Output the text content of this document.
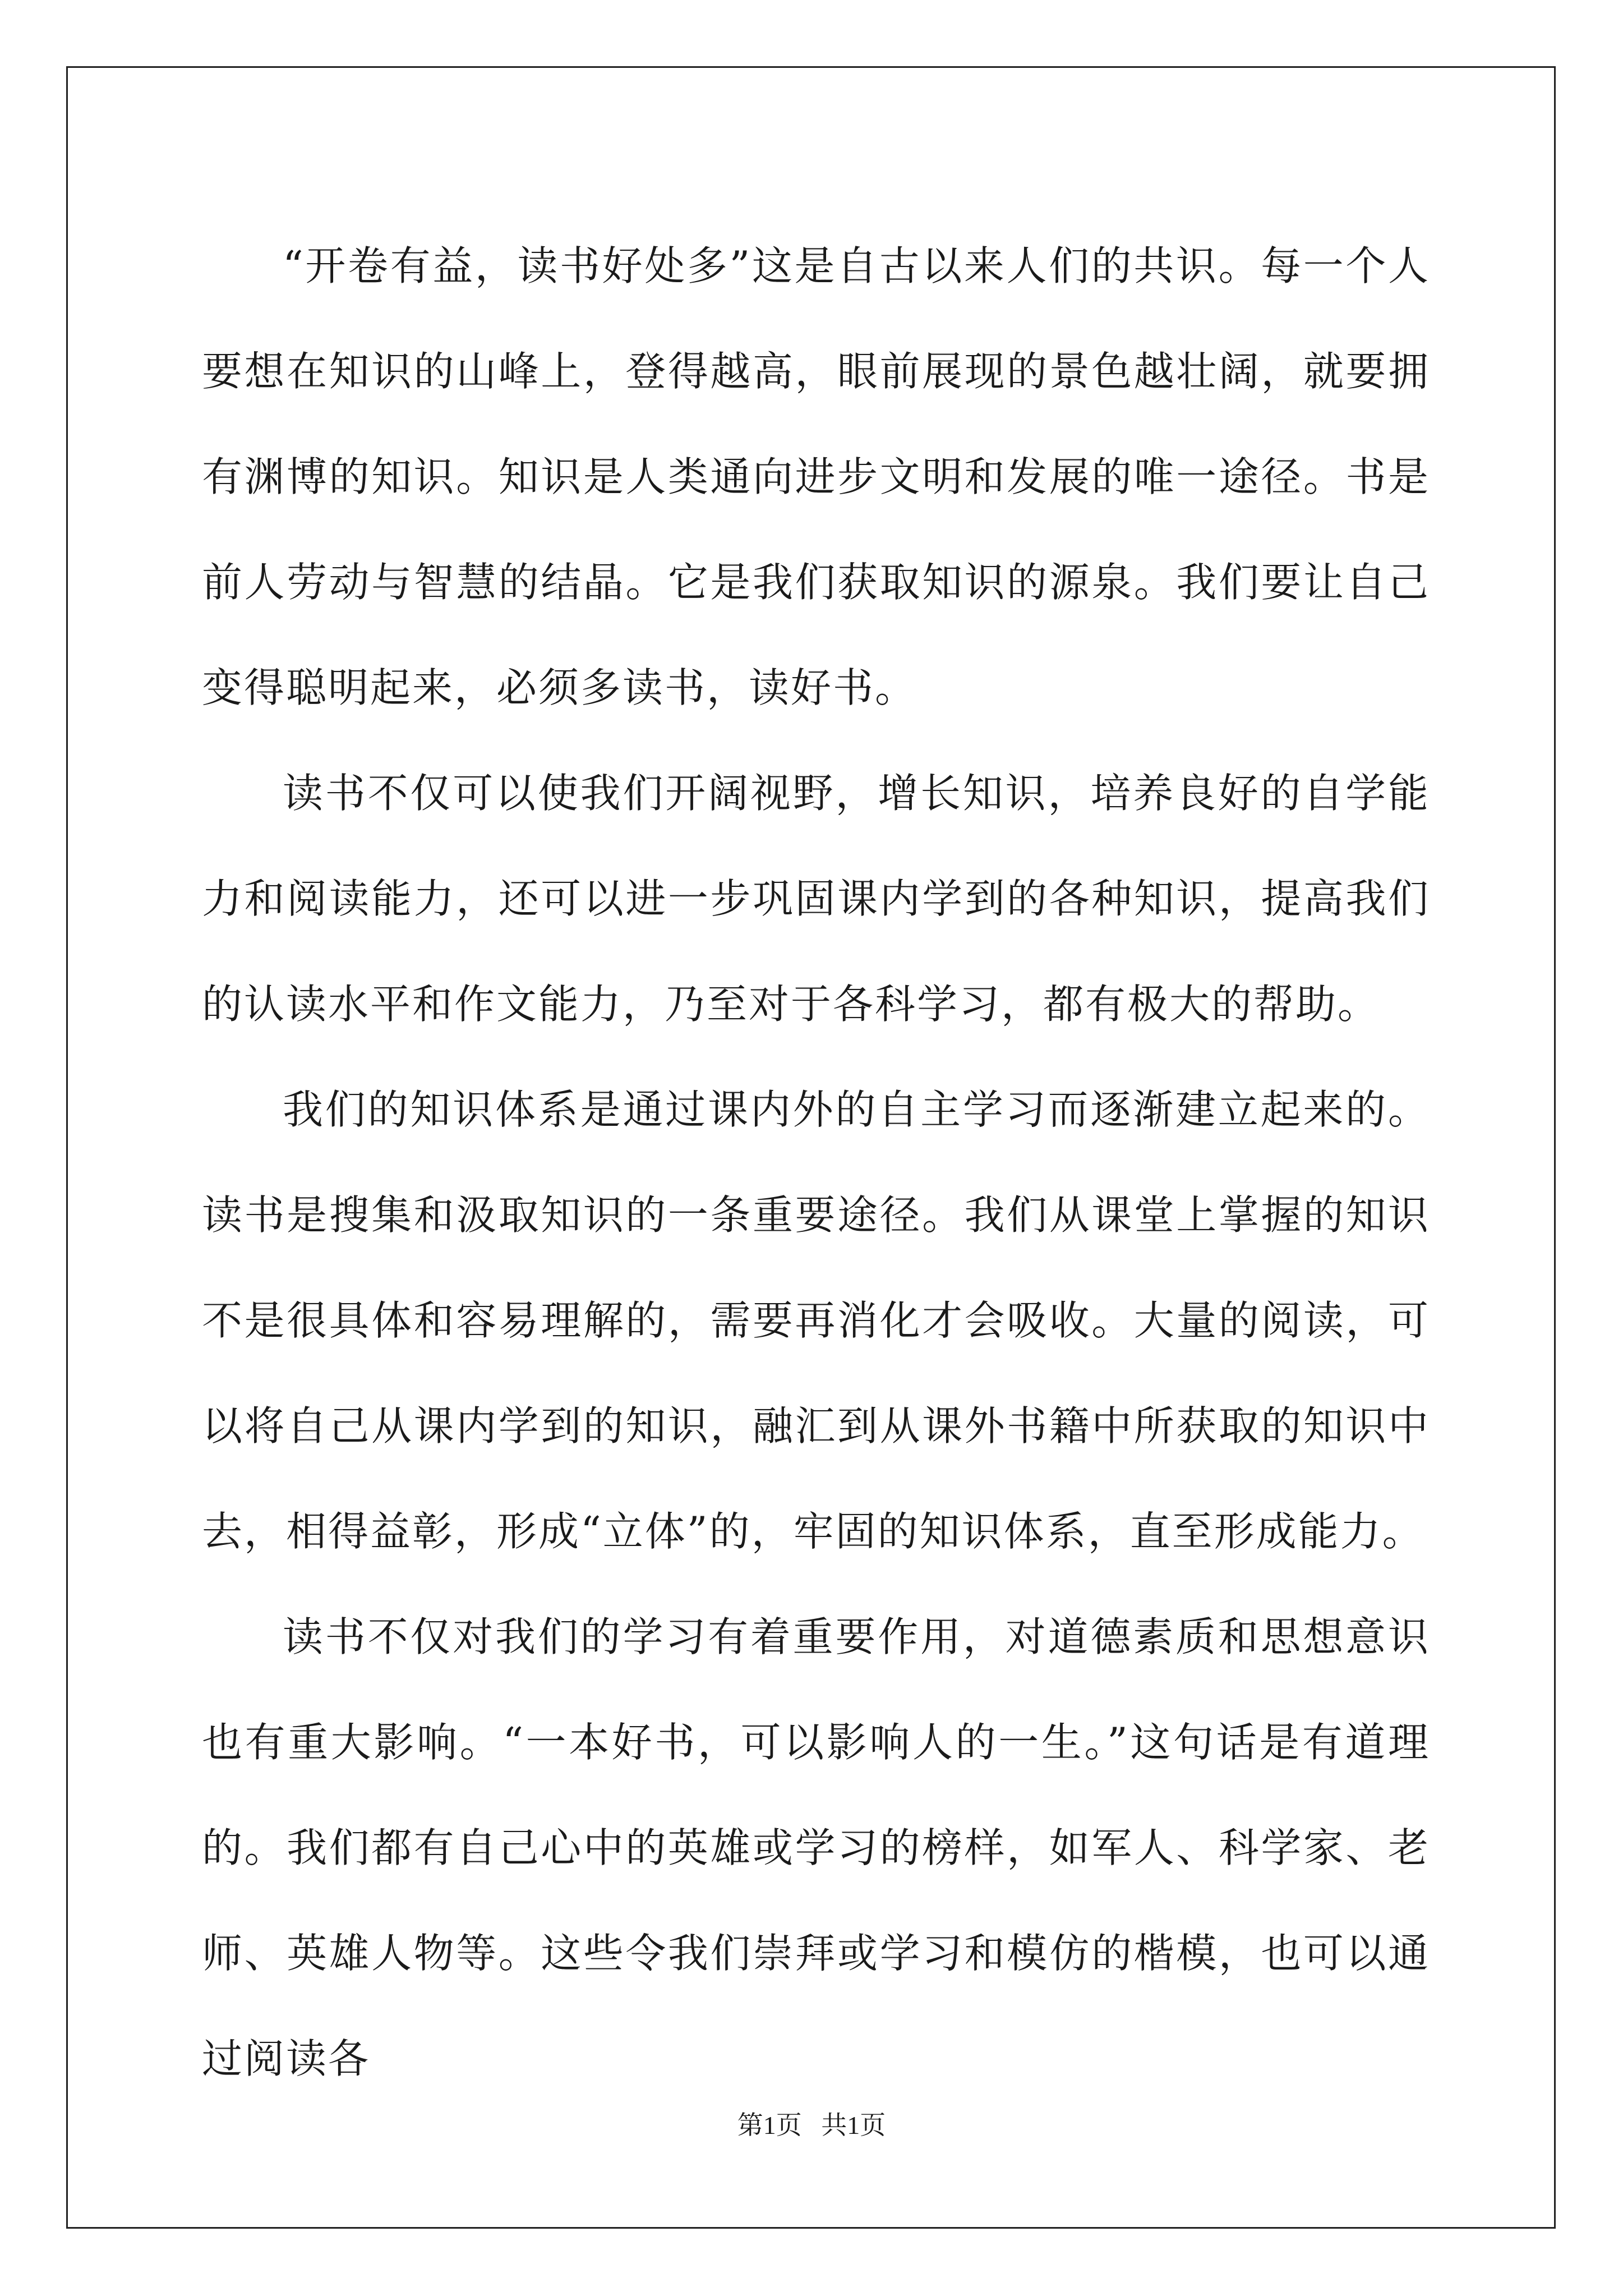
“开卷有益，读书好处多”这是自古以来人们的共识。每一个人要想在知识的山峰上，登得越高，眼前展现的景色越壮阔，就要拥有渊博的知识。知识是人类通向进步文明和发展的唯一途径。书是前人劳动与智慧的结晶。它是我们获取知识的源泉。我们要让自己变得聪明起来，必须多读书，读好书。

读书不仅可以使我们开阔视野，增长知识，培养良好的自学能力和阅读能力，还可以进一步巩固课内学到的各种知识，提高我们的认读水平和作文能力，乃至对于各科学习，都有极大的帮助。

我们的知识体系是通过课内外的自主学习而逐渐建立起来的。读书是搜集和汲取知识的一条重要途径。我们从课堂上掌握的知识不是很具体和容易理解的，需要再消化才会吸收。大量的阅读，可以将自己从课内学到的知识，融汇到从课外书籍中所获取的知识中去，相得益彰，形成“立体”的，牢固的知识体系，直至形成能力。

读书不仅对我们的学习有着重要作用，对道德素质和思想意识也有重大影响。“一本好书，可以影响人的一生。”这句话是有道理的。我们都有自己心中的英雄或学习的榜样，如军人、科学家、老师、英雄人物等。这些令我们崇拜或学习和模仿的楷模，也可以通过阅读各

第1页   共1页
